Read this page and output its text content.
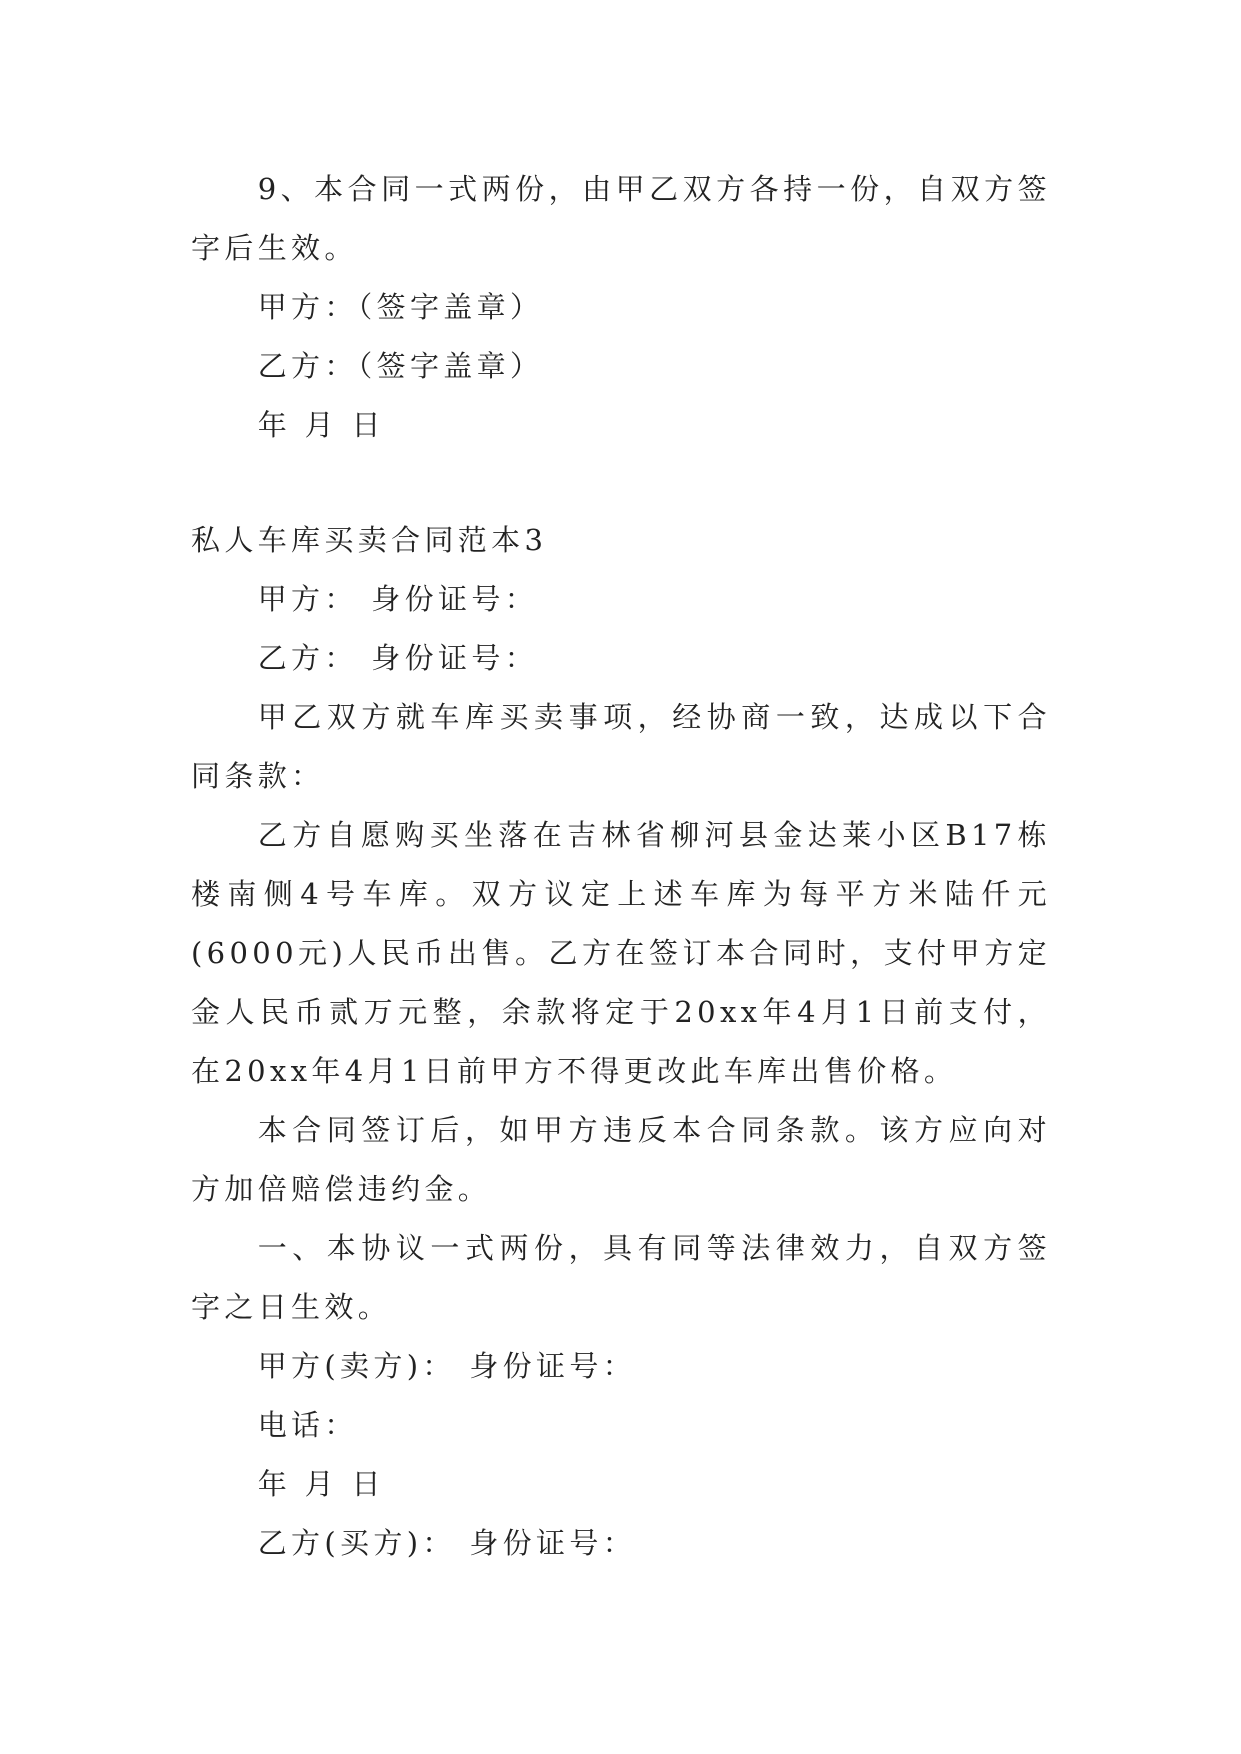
9、本合同一式两份，由甲乙双方各持一份，自双方签字后生效。

甲方：（签字盖章）

乙方：（签字盖章）

年 月 日

私人车库买卖合同范本3

甲方： 身份证号：

乙方： 身份证号：

甲乙双方就车库买卖事项，经协商一致，达成以下合同条款：

乙方自愿购买坐落在吉林省柳河县金达莱小区B17栋楼南侧4号车库。双方议定上述车库为每平方米陆仟元(6000元)人民币出售。乙方在签订本合同时，支付甲方定金人民币贰万元整，余款将定于20xx年4月1日前支付，在20xx年4月1日前甲方不得更改此车库出售价格。

本合同签订后，如甲方违反本合同条款。该方应向对方加倍赔偿违约金。

一、本协议一式两份，具有同等法律效力，自双方签字之日生效。

甲方(卖方)： 身份证号：

电话：

年 月 日

乙方(买方)： 身份证号：
